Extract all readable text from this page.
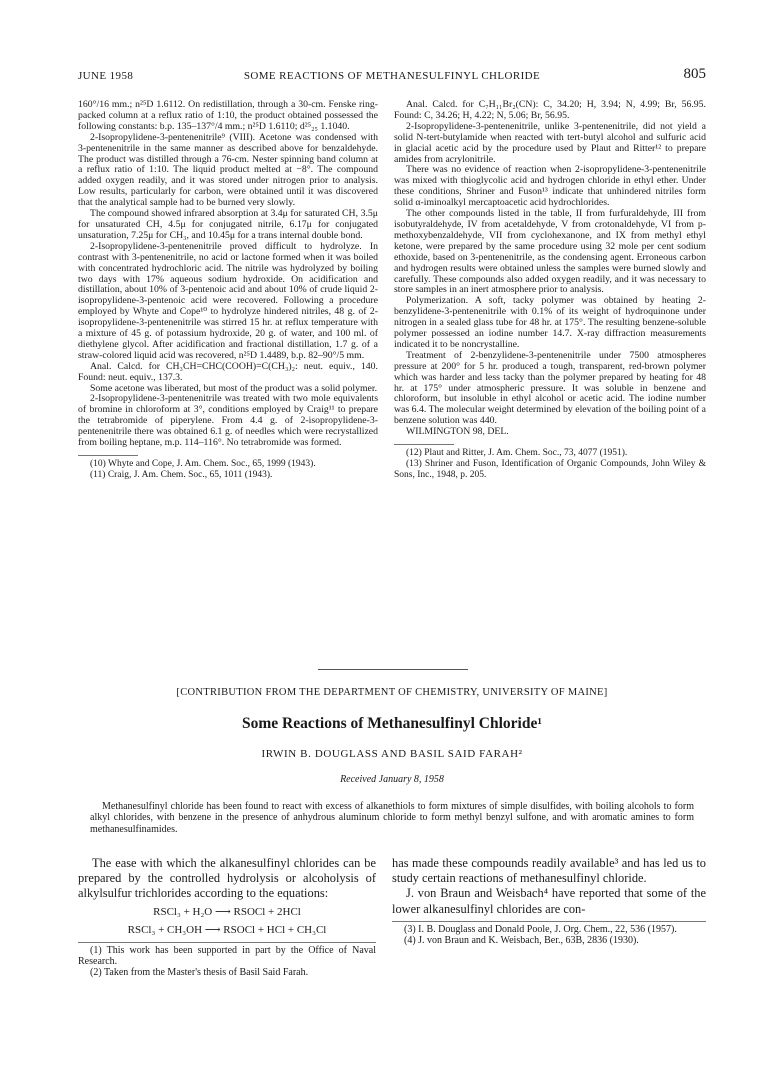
JUNE 1958	SOME REACTIONS OF METHANESULFINYL CHLORIDE	805

160°/16 mm.; n²⁵D 1.6112. On redistillation, through a 30-cm. Fenske ring-packed column at a reflux ratio of 1:10, the product obtained possessed the following constants: b.p. 135–137°/4 mm.; n²⁵D 1.6110; d²⁵₂₅ 1.1040.

2-Isopropylidene-3-pentenenitrile⁹ (VIII). Acetone was condensed with 3-pentenenitrile in the same manner as described above for benzaldehyde. The product was distilled through a 76-cm. Nester spinning band column at a reflux ratio of 1:10. The liquid product melted at −8°. The compound added oxygen readily, and it was stored under nitrogen prior to analysis. Low results, particularly for carbon, were obtained until it was discovered that the analytical sample had to be burned very slowly.

The compound showed infrared absorption at 3.4μ for saturated CH, 3.5μ for unsaturated CH, 4.5μ for conjugated nitrile, 6.17μ for conjugated unsaturation, 7.25μ for CH₃, and 10.45μ for a trans internal double bond.

2-Isopropylidene-3-pentenenitrile proved difficult to hydrolyze. In contrast with 3-pentenenitrile, no acid or lactone formed when it was boiled with concentrated hydrochloric acid. The nitrile was hydrolyzed by boiling two days with 17% aqueous sodium hydroxide. On acidification and distillation, about 10% of 3-pentenoic acid and about 10% of crude liquid 2-isopropylidene-3-pentenoic acid were recovered. Following a procedure employed by Whyte and Cope¹⁰ to hydrolyze hindered nitriles, 48 g. of 2-isopropylidene-3-pentenenitrile was stirred 15 hr. at reflux temperature with a mixture of 45 g. of potassium hydroxide, 20 g. of water, and 100 ml. of diethylene glycol. After acidification and fractional distillation, 1.7 g. of a straw-colored liquid acid was recovered, n²⁵D 1.4489, b.p. 82–90°/5 mm.

Anal. Calcd. for CH₃CH=CHC(COOH)=C(CH₃)₂: neut. equiv., 140. Found: neut. equiv., 137.3.

Some acetone was liberated, but most of the product was a solid polymer.

2-Isopropylidene-3-pentenenitrile was treated with two mole equivalents of bromine in chloroform at 3°, conditions employed by Craig¹¹ to prepare the tetrabromide of piperylene. From 4.4 g. of 2-isopropylidene-3-pentenenitrile there was obtained 6.1 g. of needles which were recrystallized from boiling heptane, m.p. 114–116°. No tetrabromide was formed.

(10) Whyte and Cope, J. Am. Chem. Soc., 65, 1999 (1943).

(11) Craig, J. Am. Chem. Soc., 65, 1011 (1943).

Anal. Calcd. for C₇H₁₁Br₂(CN): C, 34.20; H, 3.94; N, 4.99; Br, 56.95. Found: C, 34.26; H, 4.22; N, 5.06; Br, 56.95.

2-Isopropylidene-3-pentenenitrile, unlike 3-pentenenitrile, did not yield a solid N-tert-butylamide when reacted with tert-butyl alcohol and sulfuric acid in glacial acetic acid by the procedure used by Plaut and Ritter¹² to prepare amides from acrylonitrile.

There was no evidence of reaction when 2-isopropylidene-3-pentenenitrile was mixed with thioglycolic acid and hydrogen chloride in ethyl ether. Under these conditions, Shriner and Fuson¹³ indicate that unhindered nitriles form solid α-iminoalkyl mercaptoacetic acid hydrochlorides.

The other compounds listed in the table, II from furfuraldehyde, III from isobutyraldehyde, IV from acetaldehyde, V from crotonaldehyde, VI from p-methoxybenzaldehyde, VII from cyclohexanone, and IX from methyl ethyl ketone, were prepared by the same procedure using 32 mole per cent sodium ethoxide, based on 3-pentenenitrile, as the condensing agent. Erroneous carbon and hydrogen results were obtained unless the samples were burned slowly and carefully. These compounds also added oxygen readily, and it was necessary to store samples in an inert atmosphere prior to analysis.

Polymerization. A soft, tacky polymer was obtained by heating 2-benzylidene-3-pentenenitrile with 0.1% of its weight of hydroquinone under nitrogen in a sealed glass tube for 48 hr. at 175°. The resulting benzene-soluble polymer possessed an iodine number 14.7. X-ray diffraction measurements indicated it to be noncrystalline.

Treatment of 2-benzylidene-3-pentenenitrile under 7500 atmospheres pressure at 200° for 5 hr. produced a tough, transparent, red-brown polymer which was harder and less tacky than the polymer prepared by heating for 48 hr. at 175° under atmospheric pressure. It was soluble in benzene and chloroform, but insoluble in ethyl alcohol or acetic acid. The iodine number was 6.4. The molecular weight determined by elevation of the boiling point of a benzene solution was 440.

WILMINGTON 98, DEL.

(12) Plaut and Ritter, J. Am. Chem. Soc., 73, 4077 (1951).

(13) Shriner and Fuson, Identification of Organic Compounds, John Wiley & Sons, Inc., 1948, p. 205.

[CONTRIBUTION FROM THE DEPARTMENT OF CHEMISTRY, UNIVERSITY OF MAINE]
Some Reactions of Methanesulfinyl Chloride¹
IRWIN B. DOUGLASS AND BASIL SAID FARAH²
Received January 8, 1958
Methanesulfinyl chloride has been found to react with excess of alkanethiols to form mixtures of simple disulfides, with boiling alcohols to form alkyl chlorides, with benzene in the presence of anhydrous aluminum chloride to form methyl benzyl sulfone, and with aromatic amines to form methanesulfinamides.

The ease with which the alkanesulfinyl chlorides can be prepared by the controlled hydrolysis or alcoholysis of alkylsulfur trichlorides according to the equations:

RSCl₃ + H₂O ⟶ RSOCl + 2HCl
RSCl₃ + CH₃OH ⟶ RSOCl + HCl + CH₃Cl

(1) This work has been supported in part by the Office of Naval Research.

(2) Taken from the Master's thesis of Basil Said Farah.

has made these compounds readily available³ and has led us to study certain reactions of methanesulfinyl chloride.

J. von Braun and Weisbach⁴ have reported that some of the lower alkanesulfinyl chlorides are con-

(3) I. B. Douglass and Donald Poole, J. Org. Chem., 22, 536 (1957).

(4) J. von Braun and K. Weisbach, Ber., 63B, 2836 (1930).
